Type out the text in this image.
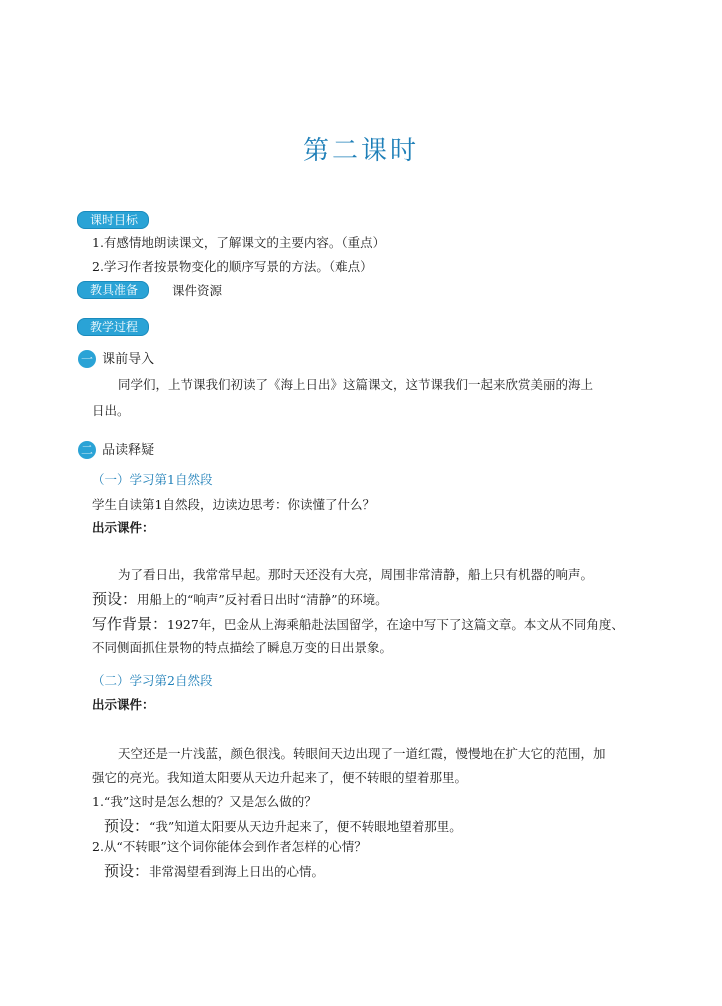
第二课时
课时目标
1.有感情地朗读课文，了解课文的主要内容。（重点）
2.学习作者按景物变化的顺序写景的方法。（难点）
教具准备	课件资源
教学过程
一 课前导入
同学们，上节课我们初读了《海上日出》这篇课文，这节课我们一起来欣赏美丽的海上
日出。
二 品读释疑
（一）学习第1自然段
学生自读第1自然段，边读边思考：你读懂了什么？
出示课件：
为了看日出，我常常早起。那时天还没有大亮，周围非常清静，船上只有机器的响声。
预设：用船上的“响声”反衬看日出时“清静”的环境。
写作背景：1927年，巴金从上海乘船赴法国留学，在途中写下了这篇文章。本文从不同角度、
不同侧面抓住景物的特点描绘了瞬息万变的日出景象。
（二）学习第2自然段
出示课件：
天空还是一片浅蓝，颜色很浅。转眼间天边出现了一道红霞，慢慢地在扩大它的范围，加
强它的亮光。我知道太阳要从天边升起来了，便不转眼的望着那里。
1.“我”这时是怎么想的？又是怎么做的？
预设：“我”知道太阳要从天边升起来了，便不转眼地望着那里。
2.从“不转眼”这个词你能体会到作者怎样的心情？
预设：非常渴望看到海上日出的心情。
